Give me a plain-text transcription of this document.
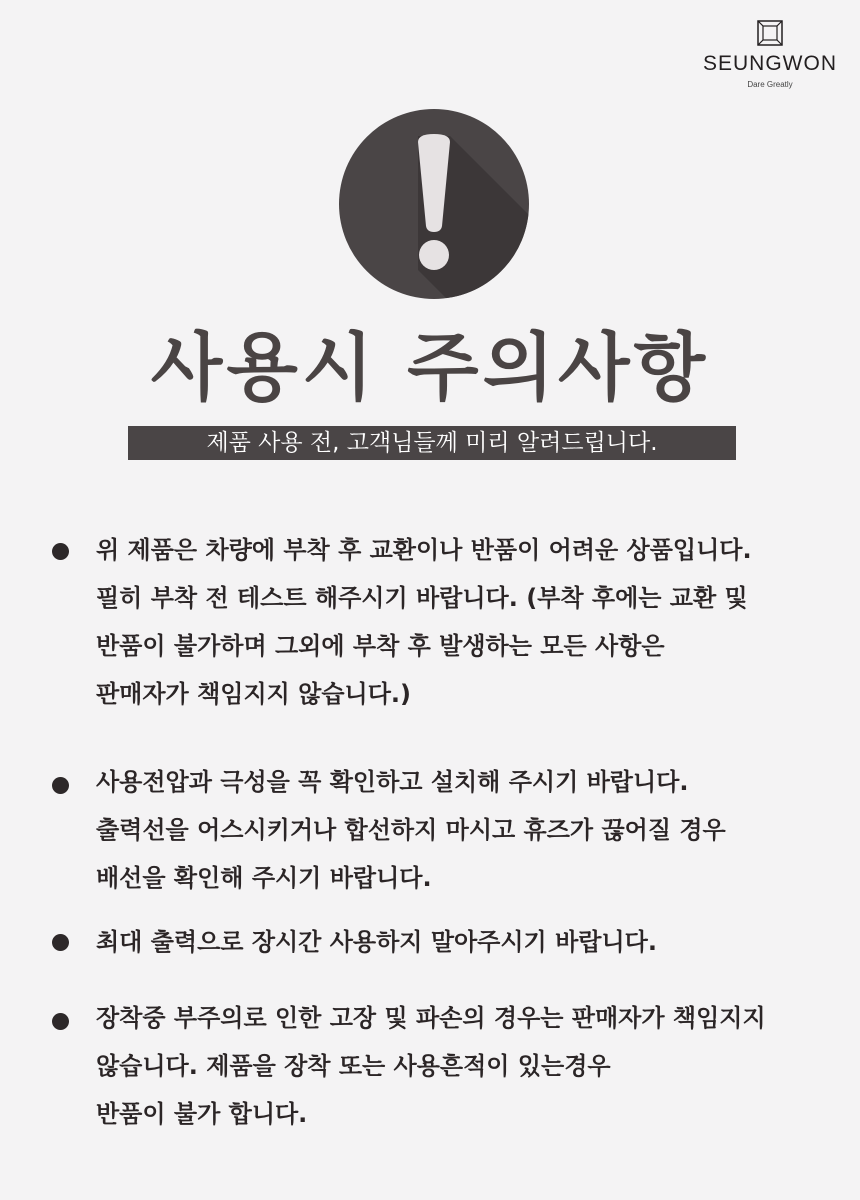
SEUNGWON
Dare Greatly
사용시 주의사항
제품 사용 전, 고객님들께 미리 알려드립니다.
위 제품은 차량에 부착 후 교환이나 반품이 어려운 상품입니다.
필히 부착 전 테스트 해주시기 바랍니다. (부착 후에는 교환 및
반품이 불가하며 그외에 부착 후 발생하는 모든 사항은
판매자가 책임지지 않습니다.)
사용전압과 극성을 꼭 확인하고 설치해 주시기 바랍니다.
출력선을 어스시키거나 합선하지 마시고 휴즈가 끊어질 경우
배선을 확인해 주시기 바랍니다.
최대 출력으로 장시간 사용하지 말아주시기 바랍니다.
장착중 부주의로 인한 고장 및 파손의 경우는 판매자가 책임지지
않습니다. 제품을 장착 또는 사용흔적이 있는경우
반품이 불가 합니다.
